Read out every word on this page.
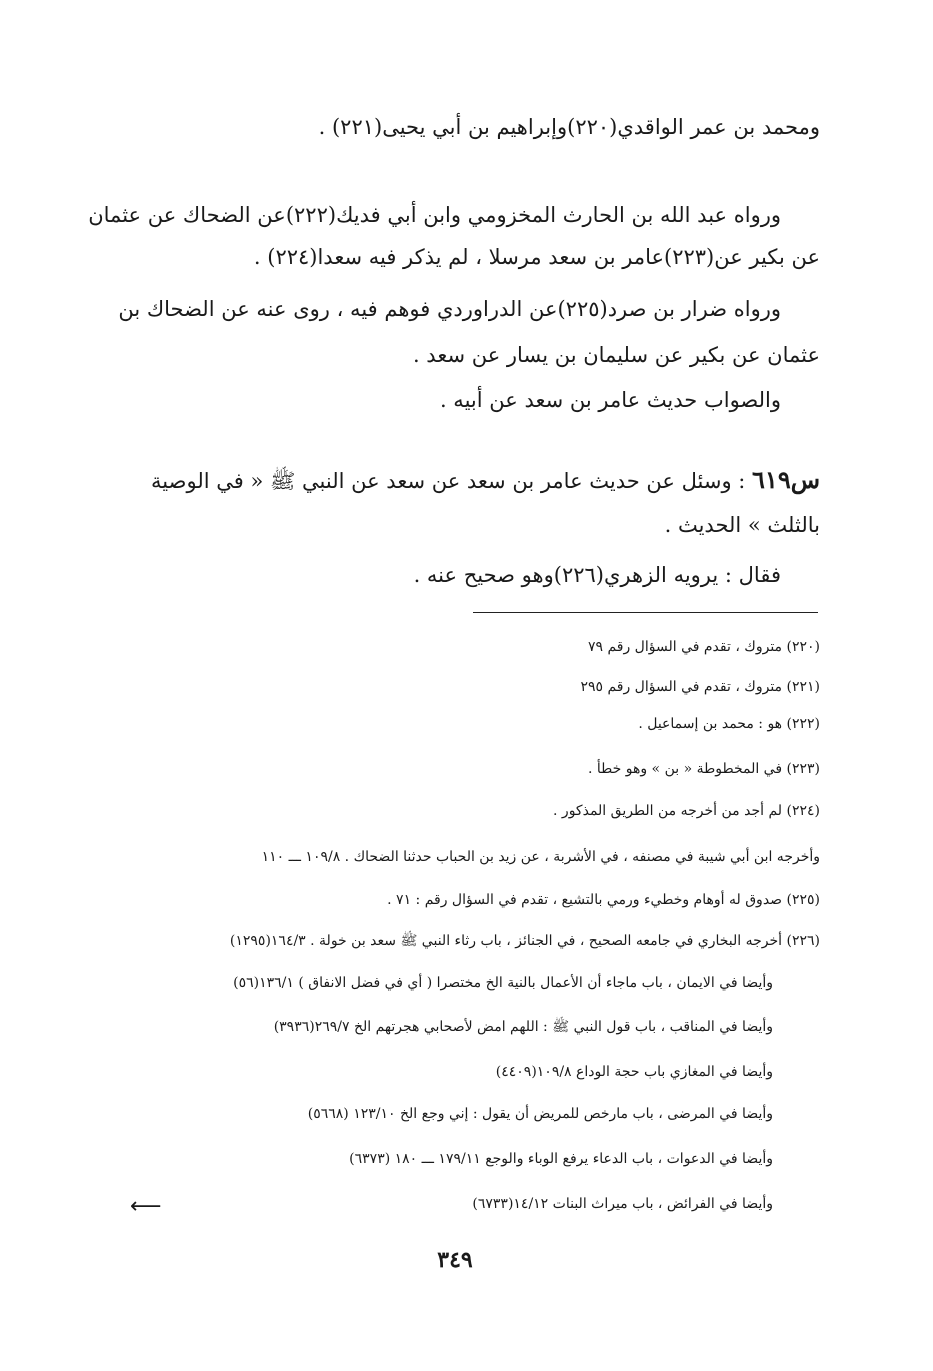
ومحمد بن عمر الواقدي(٢٢٠)وإبراهيم بن أبي يحيى(٢٢١) .
ورواه عبد الله بن الحارث المخزومي وابن أبي فديك(٢٢٢)عن الضحاك عن عثمان
عن بكير عن(٢٢٣)عامر بن سعد مرسلا ، لم يذكر فيه سعدا(٢٢٤) .
ورواه ضرار بن صرد(٢٢٥)عن الدراوردي فوهم فيه ، روى عنه عن الضحاك بن
عثمان عن بكير عن سليمان بن يسار عن سعد .
والصواب حديث عامر بن سعد عن أبيه .
س٦١٩ : وسئل عن حديث عامر بن سعد عن سعد عن النبي ﷺ « في الوصية
بالثلث » الحديث .
فقال : يرويه الزهري(٢٢٦)وهو صحيح عنه .
(٢٢٠) متروك ، تقدم في السؤال رقم ٧٩
(٢٢١) متروك ، تقدم في السؤال رقم ٢٩٥
(٢٢٢) هو : محمد بن إسماعيل .
(٢٢٣) في المخطوطة « بن » وهو خطأ .
(٢٢٤) لم أجد من أخرجه من الطريق المذكور .
وأخرجه ابن أبي شيبة في مصنفه ، في الأشربة ، عن زيد بن الحباب حدثنا الضحاك . ١٠٩/٨ ـــ ١١٠
(٢٢٥) صدوق له أوهام وخطيء ورمي بالتشيع ، تقدم في السؤال رقم : ٧١ .
(٢٢٦) أخرجه البخاري في جامعه الصحيح ، في الجنائز ، باب رثاء النبي ﷺ سعد بن خولة . ١٦٤/٣(١٢٩٥)
وأيضا في الايمان ، باب ماجاء أن الأعمال بالنية الخ مختصرا ( أي في فضل الانفاق ) ١٣٦/١(٥٦)
وأيضا في المناقب ، باب قول النبي ﷺ : اللهم امض لأصحابي هجرتهم الخ ٢٦٩/٧(٣٩٣٦)
وأيضا في المغازي باب حجة الوداع ١٠٩/٨(٤٤٠٩)
وأيضا في المرضى ، باب مارخص للمريض أن يقول : إني وجع الخ ١٢٣/١٠ (٥٦٦٨)
وأيضا في الدعوات ، باب الدعاء يرفع الوباء والوجع ١٧٩/١١ ـــ ١٨٠ (٦٣٧٣)
وأيضا في الفرائض ، باب ميراث البنات ١٤/١٢(٦٧٣٣)
⟵
٣٤٩
